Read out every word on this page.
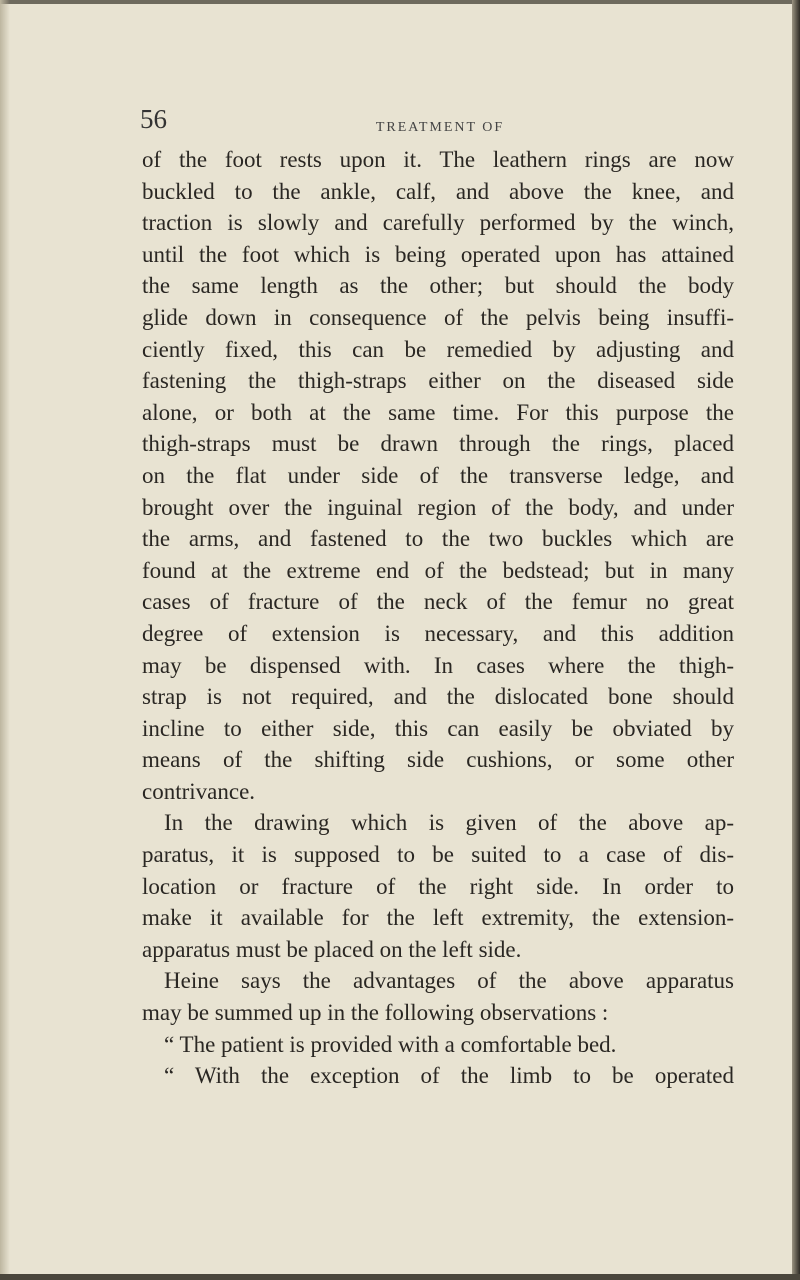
56	TREATMENT OF
of the foot rests upon it. The leathern rings are now
buckled to the ankle, calf, and above the knee, and
traction is slowly and carefully performed by the winch,
until the foot which is being operated upon has attained
the same length as the other; but should the body
glide down in consequence of the pelvis being insuffi-
ciently fixed, this can be remedied by adjusting and
fastening the thigh-straps either on the diseased side
alone, or both at the same time. For this purpose the
thigh-straps must be drawn through the rings, placed
on the flat under side of the transverse ledge, and
brought over the inguinal region of the body, and under
the arms, and fastened to the two buckles which are
found at the extreme end of the bedstead; but in many
cases of fracture of the neck of the femur no great
degree of extension is necessary, and this addition
may be dispensed with. In cases where the thigh-
strap is not required, and the dislocated bone should
incline to either side, this can easily be obviated by
means of the shifting side cushions, or some other
contrivance.
In the drawing which is given of the above ap-
paratus, it is supposed to be suited to a case of dis-
location or fracture of the right side. In order to
make it available for the left extremity, the extension-
apparatus must be placed on the left side.
Heine says the advantages of the above apparatus
may be summed up in the following observations :
“ The patient is provided with a comfortable bed.
“ With the exception of the limb to be operated
